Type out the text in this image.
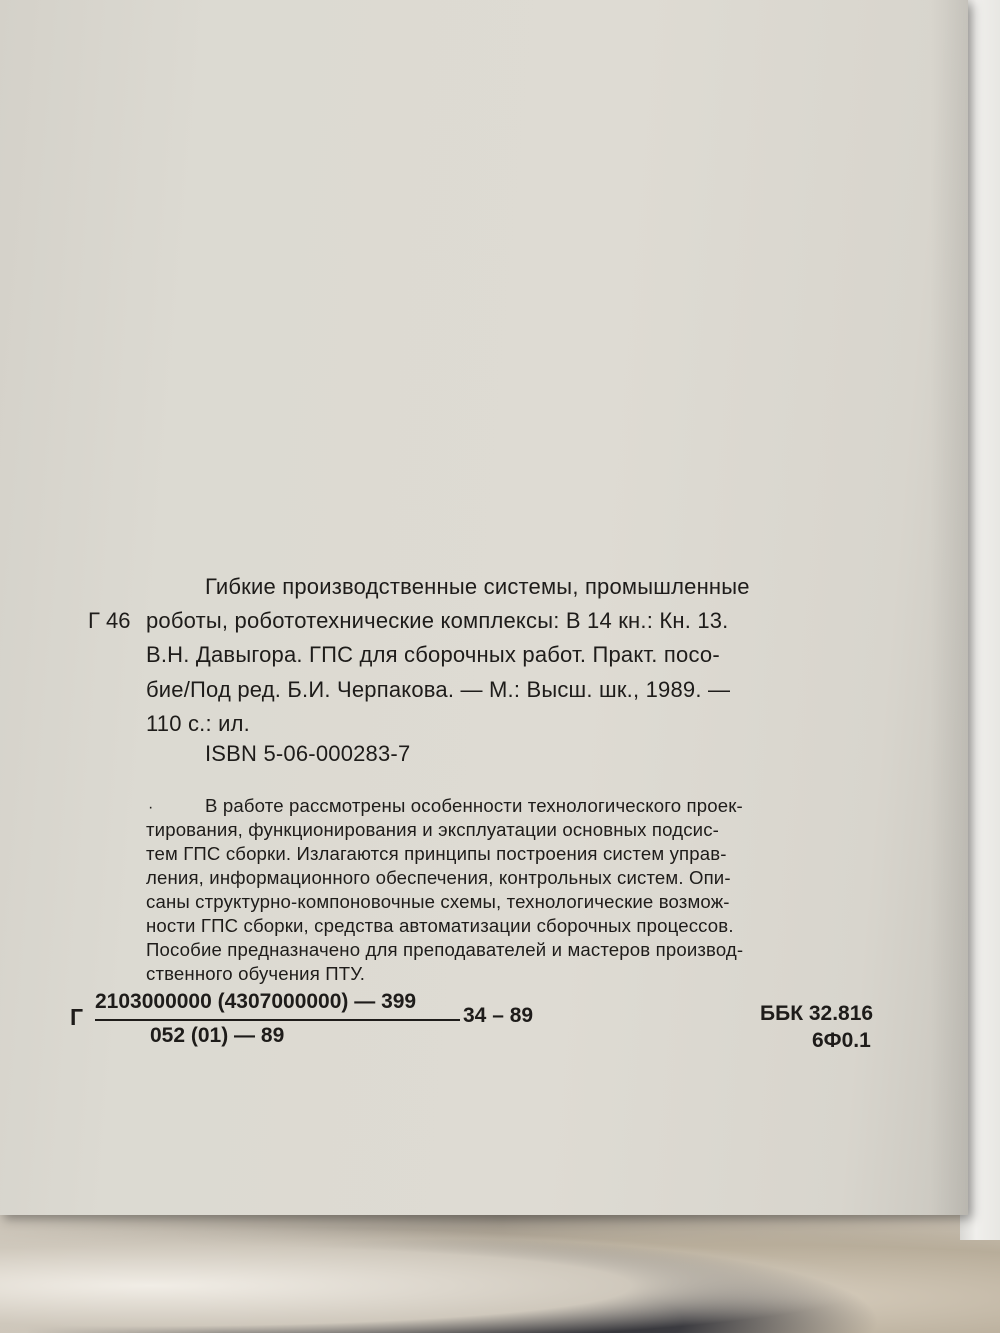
Г 46
Гибкие производственные системы, промышленные
роботы, робототехнические комплексы: В 14 кн.: Кн. 13.
В.Н. Давыгора. ГПС для сборочных работ. Практ. посо-
бие/Под ред. Б.И. Черпакова. — М.: Высш. шк., 1989. —
110 с.: ил.
ISBN 5-06-000283-7
·	В работе рассмотрены особенности технологического проек-
тирования, функционирования и эксплуатации основных подсис-
тем ГПС сборки. Излагаются принципы построения систем управ-
ления, информационного обеспечения, контрольных систем. Опи-
саны структурно-компоновочные схемы, технологические возмож-
ности ГПС сборки, средства автоматизации сборочных процессов.
Пособие предназначено для преподавателей и мастеров производ-
ственного обучения ПТУ.
Г
2103000000 (4307000000) — 399
052 (01) — 89
34 – 89	ББК 32.816
6Ф0.1
